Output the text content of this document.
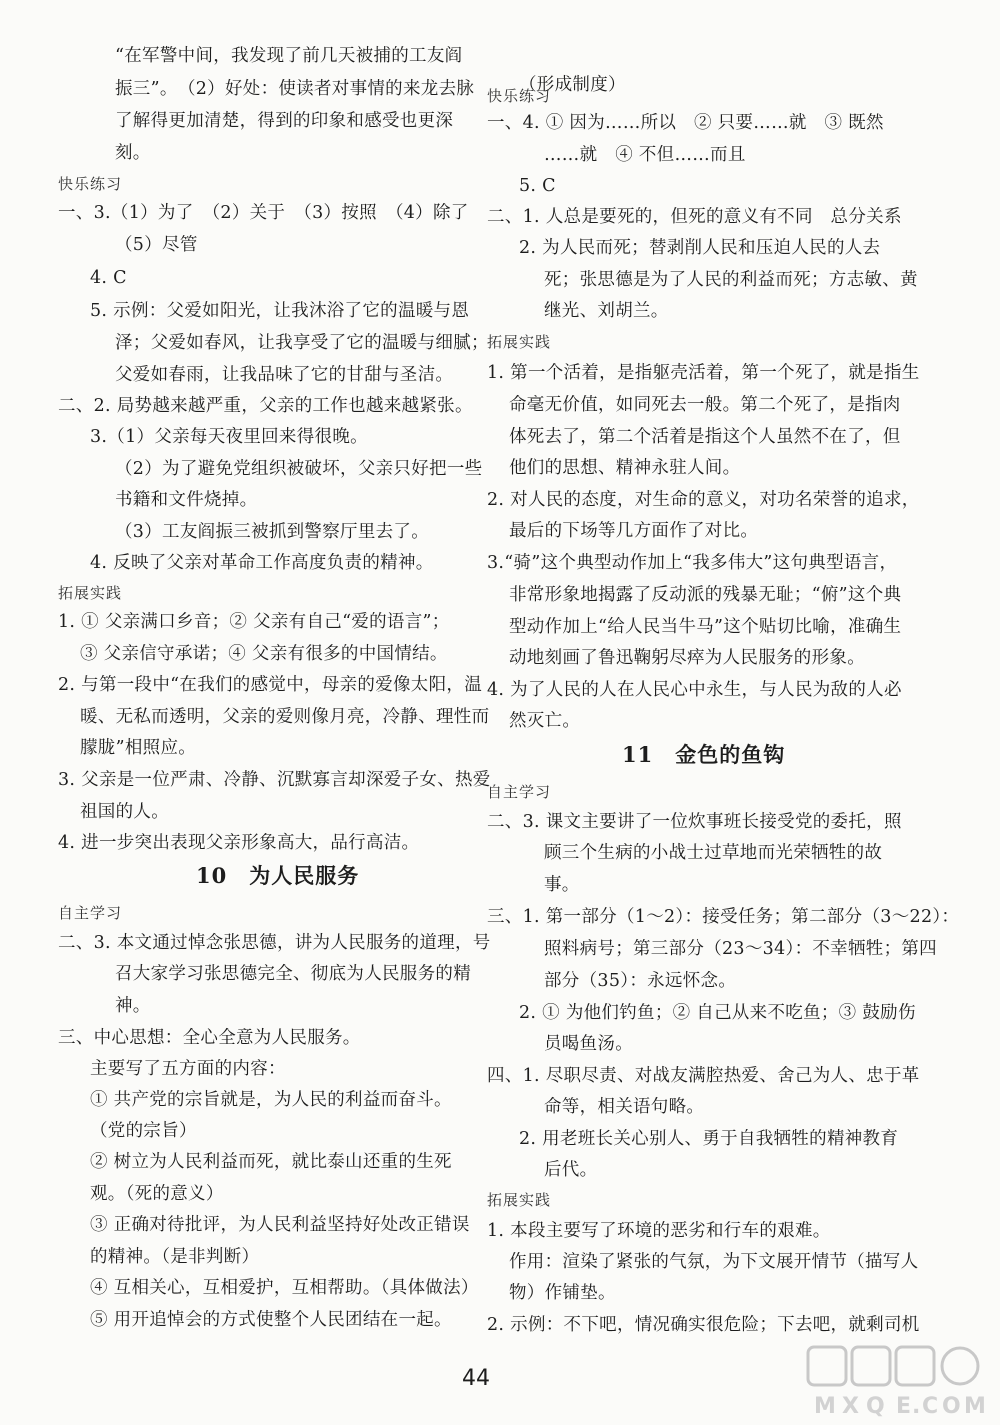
“在军警中间，我发现了前几天被捕的工友阎
振三”。　（2）好处：使读者对事情的来龙去脉
了解得更加清楚，得到的印象和感受也更深
刻。
快乐练习
一、3.（1）为了　（2）关于　（3）按照　（4）除了
（5）尽管
4. C
5. 示例：父爱如阳光，让我沐浴了它的温暖与恩
泽；父爱如春风，让我享受了它的温暖与细腻；
父爱如春雨，让我品味了它的甘甜与圣洁。
二、2. 局势越来越严重，父亲的工作也越来越紧张。
3.（1）父亲每天夜里回来得很晚。
（2）为了避免党组织被破坏，父亲只好把一些
书籍和文件烧掉。
（3）工友阎振三被抓到警察厅里去了。
4. 反映了父亲对革命工作高度负责的精神。
拓展实践
1. ① 父亲满口乡音；② 父亲有自己“爱的语言”；
③ 父亲信守承诺；④ 父亲有很多的中国情结。
2. 与第一段中“在我们的感觉中，母亲的爱像太阳，温
暖、无私而透明，父亲的爱则像月亮，冷静、理性而
朦胧”相照应。
3. 父亲是一位严肃、冷静、沉默寡言却深爱子女、热爱
祖国的人。
4. 进一步突出表现父亲形象高大，品行高洁。
10　为人民服务
自主学习
二、3. 本文通过悼念张思德，讲为人民服务的道理，号
召大家学习张思德完全、彻底为人民服务的精
神。
三、中心思想：全心全意为人民服务。
主要写了五方面的内容：
① 共产党的宗旨就是，为人民的利益而奋斗。
（党的宗旨）
② 树立为人民利益而死，就比泰山还重的生死
观。（死的意义）
③ 正确对待批评，为人民利益坚持好处改正错误
的精神。（是非判断）
④ 互相关心，互相爱护，互相帮助。（具体做法）
⑤ 用开追悼会的方式使整个人民团结在一起。
（形成制度）
快乐练习
一、4. ① 因为……所以　② 只要……就　③ 既然
……就　④ 不但……而且
5. C
二、1. 人总是要死的，但死的意义有不同　总分关系
2. 为人民而死；替剥削人民和压迫人民的人去
死；张思德是为了人民的利益而死；方志敏、黄
继光、刘胡兰。
拓展实践
1. 第一个活着，是指躯壳活着，第一个死了，就是指生
命毫无价值，如同死去一般。第二个死了，是指肉
体死去了，第二个活着是指这个人虽然不在了，但
他们的思想、精神永驻人间。
2. 对人民的态度，对生命的意义，对功名荣誉的追求，
最后的下场等几方面作了对比。
3.“骑”这个典型动作加上“我多伟大”这句典型语言，
非常形象地揭露了反动派的残暴无耻；“俯”这个典
型动作加上“给人民当牛马”这个贴切比喻，准确生
动地刻画了鲁迅鞠躬尽瘁为人民服务的形象。
4. 为了人民的人在人民心中永生，与人民为敌的人必
然灭亡。
11　金色的鱼钩
自主学习
二、3. 课文主要讲了一位炊事班长接受党的委托，照
顾三个生病的小战士过草地而光荣牺牲的故
事。
三、1. 第一部分（1～2）：接受任务；第二部分（3～22）：
照料病号；第三部分（23～34）：不幸牺牲；第四
部分（35）：永远怀念。
2. ① 为他们钓鱼；② 自己从来不吃鱼；③ 鼓励伤
员喝鱼汤。
四、1. 尽职尽责、对战友满腔热爱、舍己为人、忠于革
命等，相关语句略。
2. 用老班长关心别人、勇于自我牺牲的精神教育
后代。
拓展实践
1. 本段主要写了环境的恶劣和行车的艰难。
作用：渲染了紧张的气氛，为下文展开情节（描写人
物）作铺垫。
2. 示例：不下吧，情况确实很危险；下去吧，就剩司机
44
M X Q E . C O M
